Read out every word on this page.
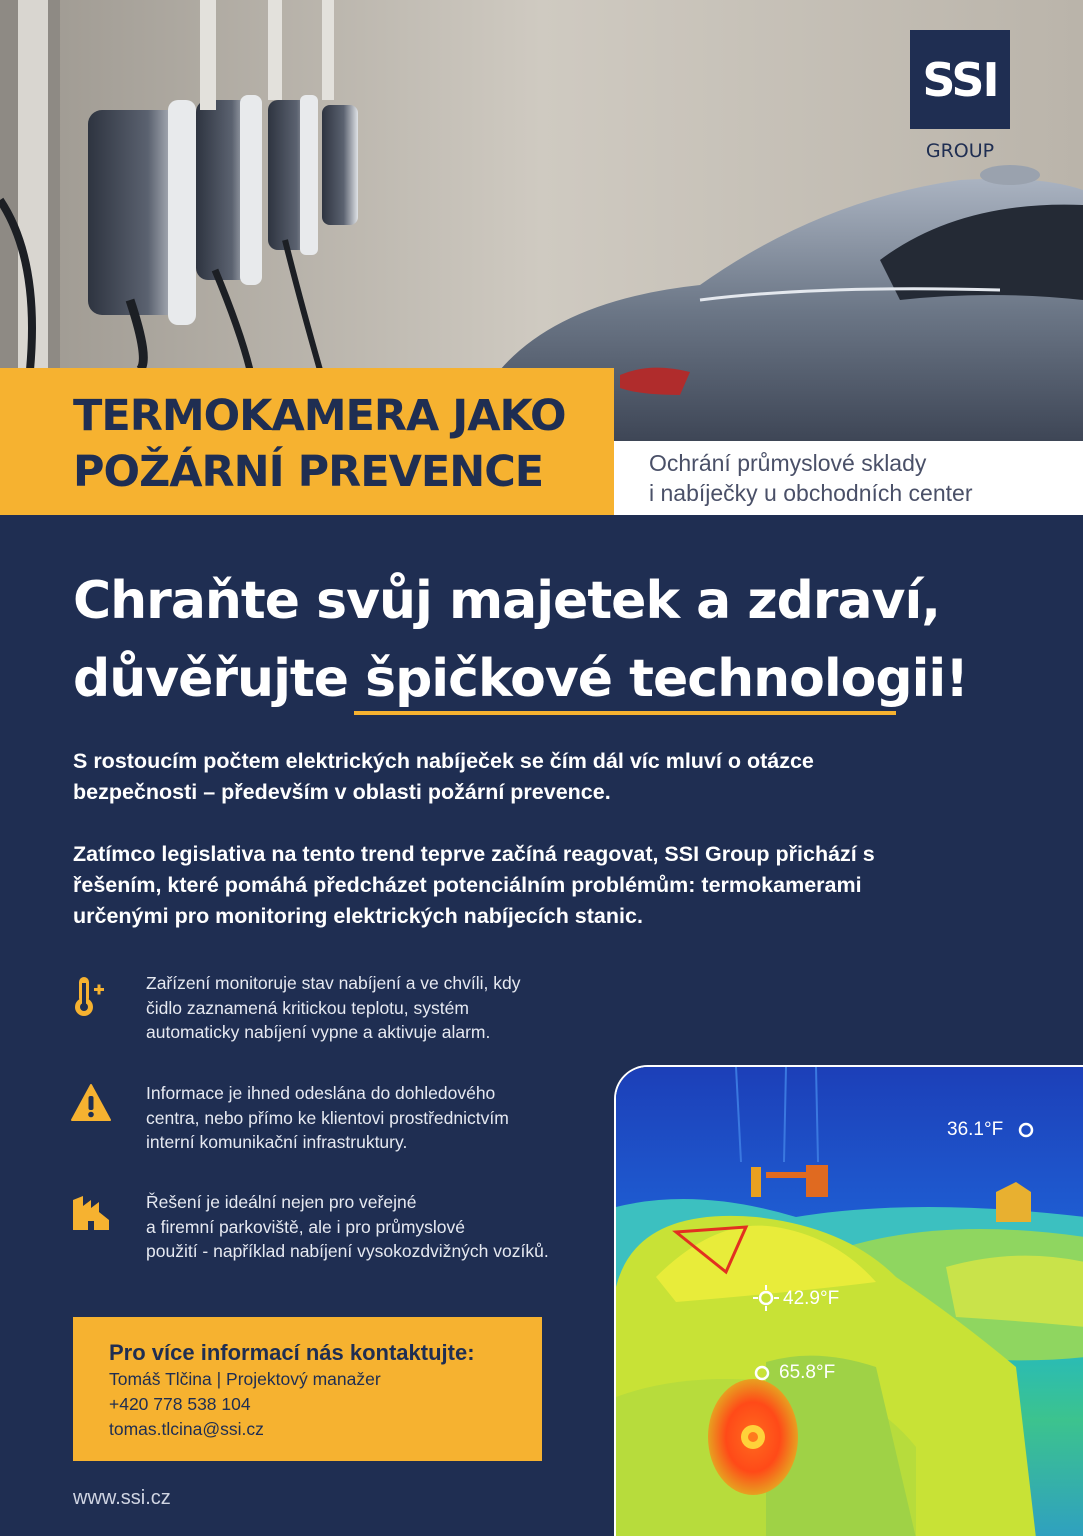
SSI
GROUP
TERMOKAMERA JAKO
POŽÁRNÍ PREVENCE	Ochrání průmyslové sklady
i nabíječky u obchodních center
Chraňte svůj majetek a zdraví,
důvěřujte špičkové technologii!
S rostoucím počtem elektrických nabíječek se čím dál víc mluví o otázce
bezpečnosti – především v oblasti požární prevence.
Zatímco legislativa na tento trend teprve začíná reagovat, SSI Group přichází s
řešením, které pomáhá předcházet potenciálním problémům: termokamerami
určenými pro monitoring elektrických nabíjecích stanic.
Zařízení monitoruje stav nabíjení a ve chvíli, kdy
čidlo zaznamená kritickou teplotu, systém
automaticky nabíjení vypne a aktivuje alarm.
Informace je ihned odeslána do dohledového
centra, nebo přímo ke klientovi prostřednictvím
interní komunikační infrastruktury.
Řešení je ideální nejen pro veřejné
a firemní parkoviště, ale i pro průmyslové
použití - například nabíjení vysokozdvižných vozíků.
Pro více informací nás kontaktujte:
Tomáš Tlčina | Projektový manažer
+420 778 538 104
tomas.tlcina@ssi.cz
www.ssi.cz
36.1°F
42.9°F
65.8°F
